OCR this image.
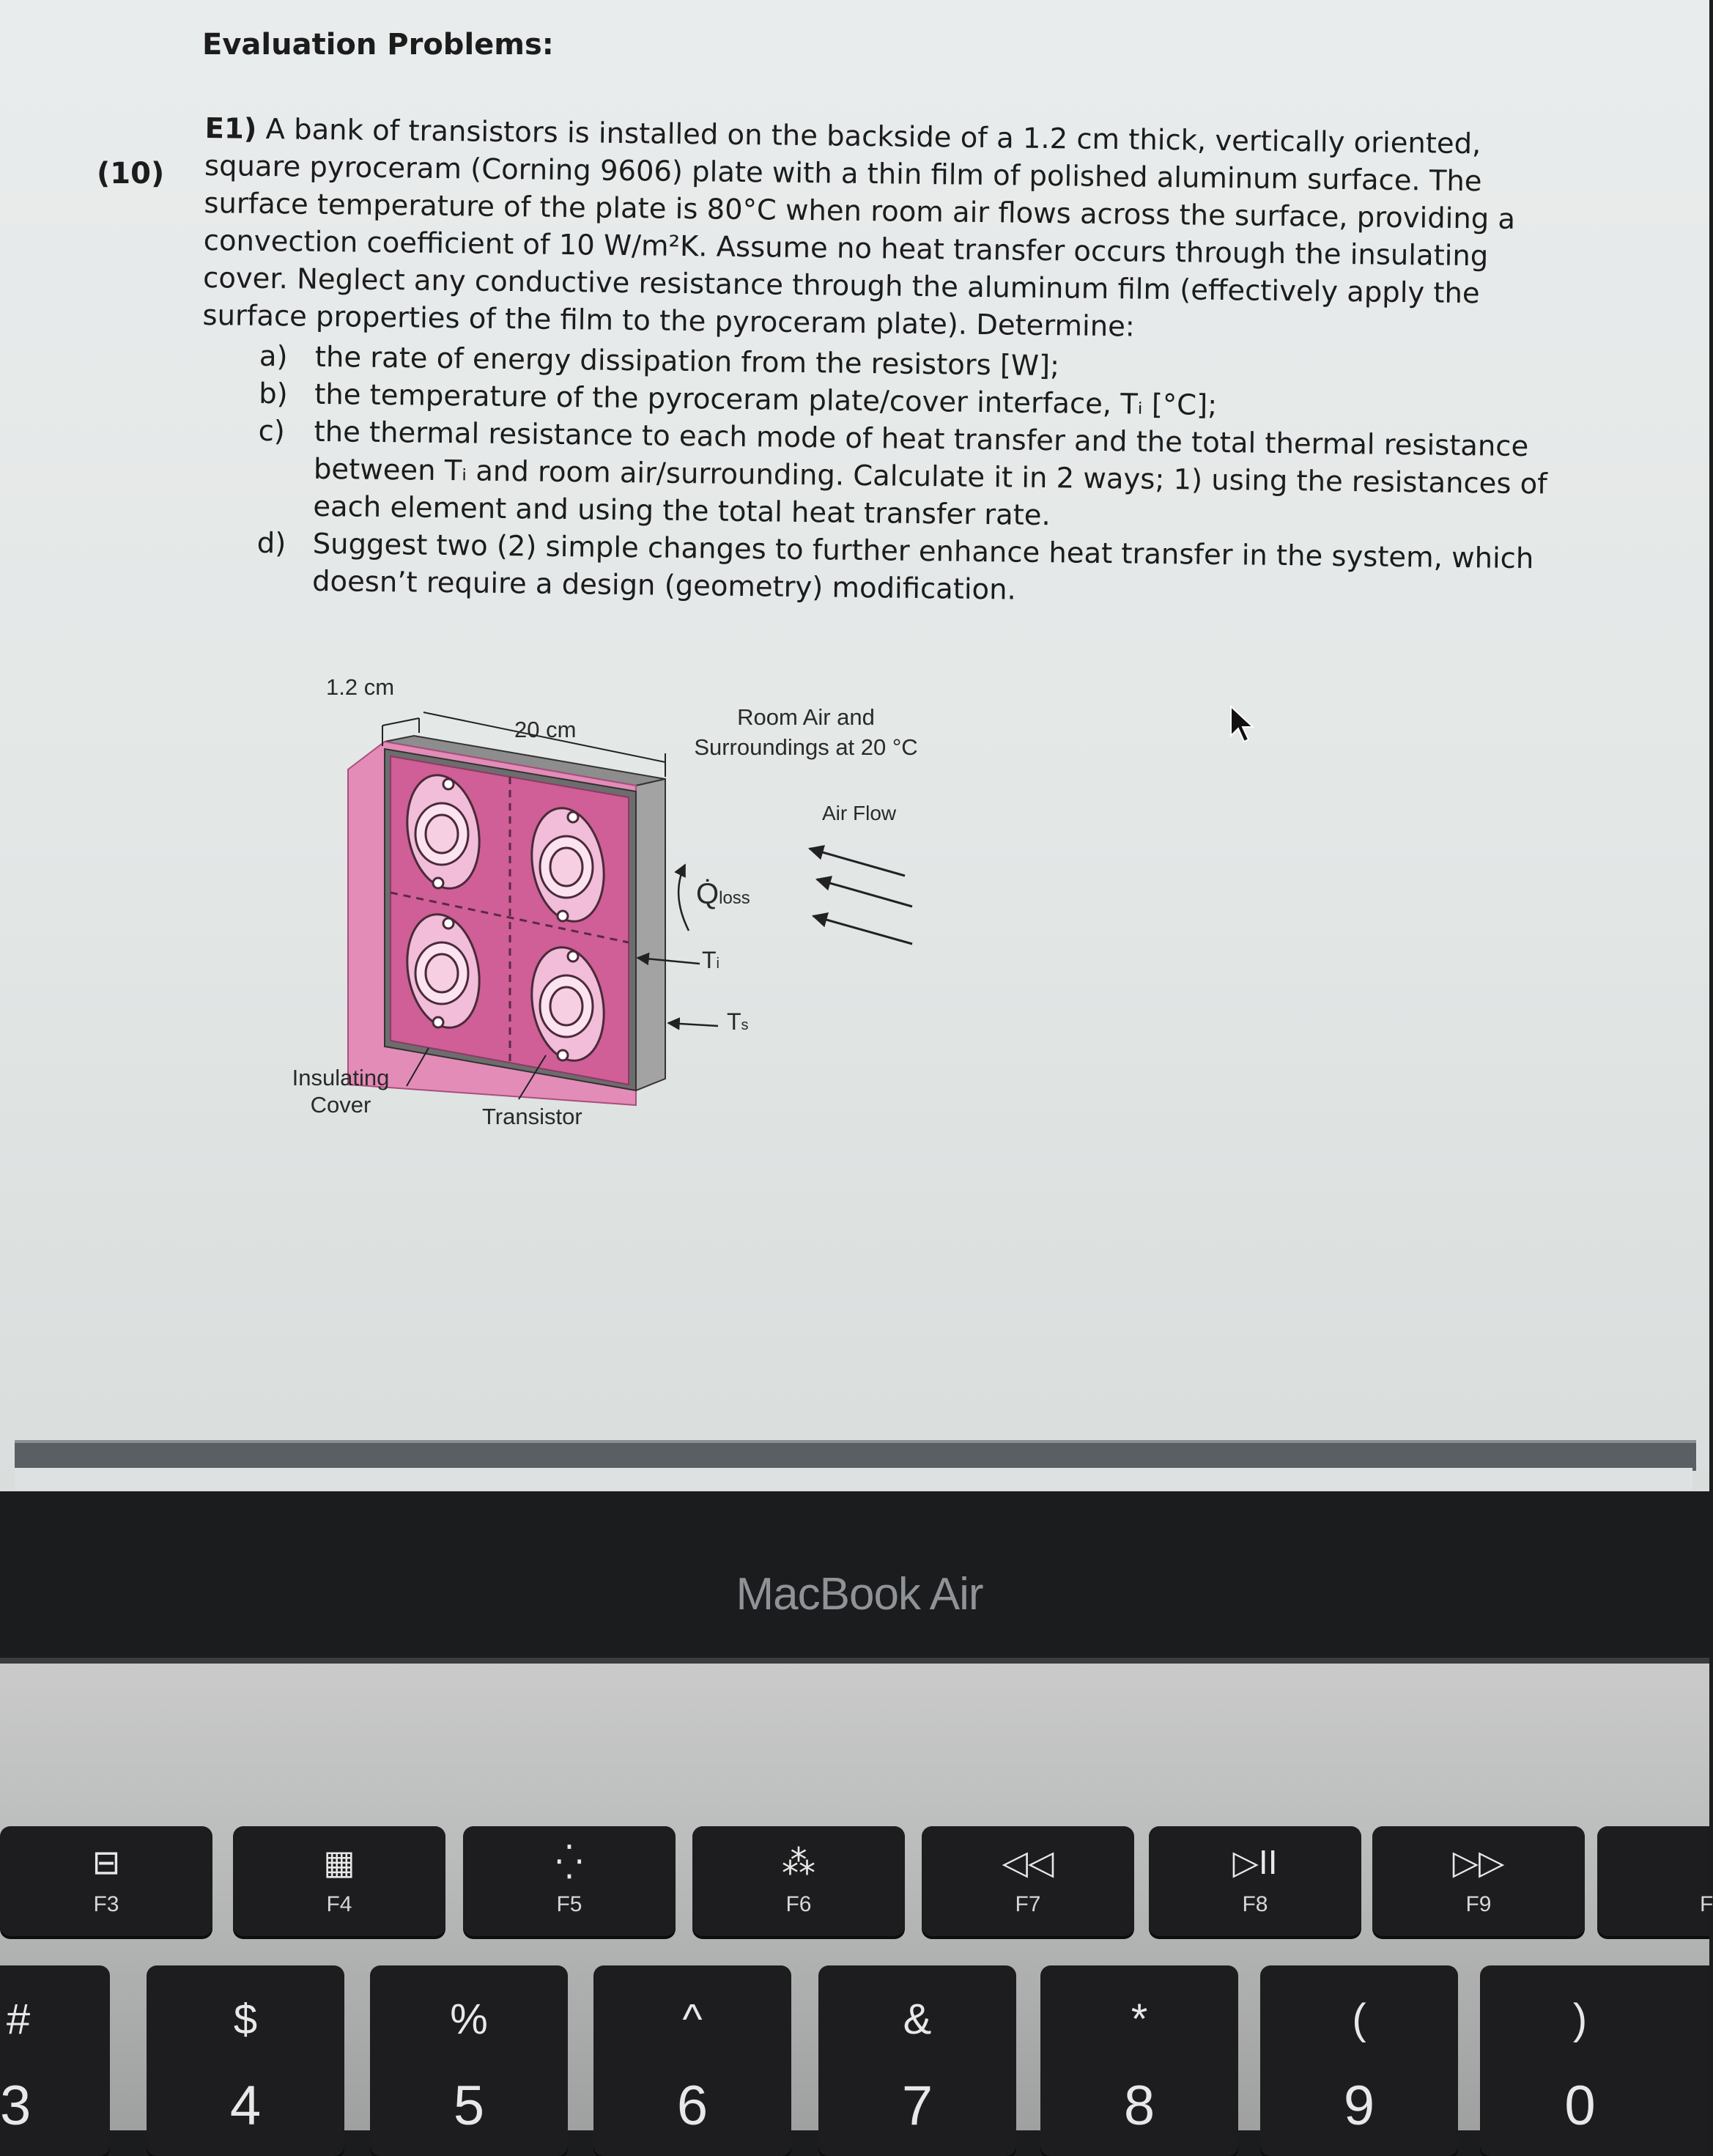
Evaluation Problems:
(10)

E1) A bank of transistors is installed on the backside of a 1.2 cm thick, vertically oriented, square pyroceram (Corning 9606) plate with a thin film of polished aluminum surface. The surface temperature of the plate is 80°C when room air flows across the surface, providing a convection coefficient of 10 W/m²K. Assume no heat transfer occurs through the insulating cover. Neglect any conductive resistance through the aluminum film (effectively apply the surface properties of the film to the pyroceram plate). Determine:

a) the rate of energy dissipation from the resistors [W];
b) the temperature of the pyroceram plate/cover interface, Tᵢ [°C];
c)	the thermal resistance to each mode of heat transfer and the total thermal resistance between Tᵢ and room air/surrounding. Calculate it in 2 ways; 1) using the resistances of each element and using the total heat transfer rate.
d) Suggest two (2) simple changes to further enhance heat transfer in the system, which doesn’t require a design (geometry) modification.
1.2 cm
20 cm	Room Air and
Surroundings at 20 °C
Air Flow
Q̇loss
Ti
Ts
Insulating
Cover	Transistor
MacBook Air
⊟
F3
▦
F4
⁛
F5
⁂
F6
◁◁
F7
▷II
F8
▷▷
F9	F
#
3
$
4
%
5
^
6
&
7
*
8
(
9
)
0
